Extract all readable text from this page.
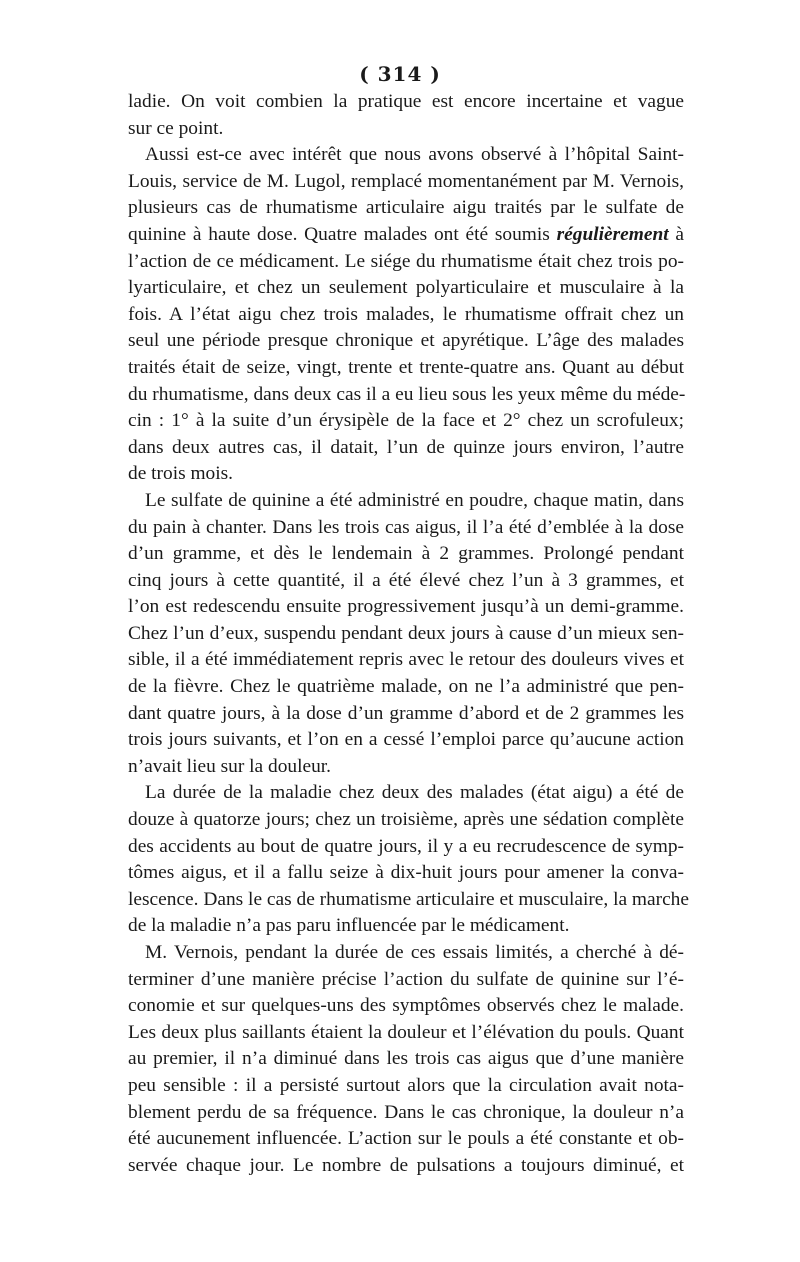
( 314 )
ladie. On voit combien la pratique est encore incertaine et vague
sur ce point.
Aussi est-ce avec intérêt que nous avons observé à l’hôpital Saint-
Louis, service de M. Lugol, remplacé momentanément par M. Vernois,
plusieurs cas de rhumatisme articulaire aigu traités par le sulfate de
quinine à haute dose. Quatre malades ont été soumis régulièrement à
l’action de ce médicament. Le siége du rhumatisme était chez trois po-
lyarticulaire, et chez un seulement polyarticulaire et musculaire à la
fois. A l’état aigu chez trois malades, le rhumatisme offrait chez un
seul une période presque chronique et apyrétique. L’âge des malades
traités était de seize, vingt, trente et trente-quatre ans. Quant au début
du rhumatisme, dans deux cas il a eu lieu sous les yeux même du méde-
cin : 1° à la suite d’un érysipèle de la face et 2° chez un scrofuleux;
dans deux autres cas, il datait, l’un de quinze jours environ, l’autre
de trois mois.
Le sulfate de quinine a été administré en poudre, chaque matin, dans
du pain à chanter. Dans les trois cas aigus, il l’a été d’emblée à la dose
d’un gramme, et dès le lendemain à 2 grammes. Prolongé pendant
cinq jours à cette quantité, il a été élevé chez l’un à 3 grammes, et
l’on est redescendu ensuite progressivement jusqu’à un demi-gramme.
Chez l’un d’eux, suspendu pendant deux jours à cause d’un mieux sen-
sible, il a été immédiatement repris avec le retour des douleurs vives et
de la fièvre. Chez le quatrième malade, on ne l’a administré que pen-
dant quatre jours, à la dose d’un gramme d’abord et de 2 grammes les
trois jours suivants, et l’on en a cessé l’emploi parce qu’aucune action
n’avait lieu sur la douleur.
La durée de la maladie chez deux des malades (état aigu) a été de
douze à quatorze jours; chez un troisième, après une sédation complète
des accidents au bout de quatre jours, il y a eu recrudescence de symp-
tômes aigus, et il a fallu seize à dix-huit jours pour amener la conva-
lescence. Dans le cas de rhumatisme articulaire et musculaire, la marche
de la maladie n’a pas paru influencée par le médicament.
M. Vernois, pendant la durée de ces essais limités, a cherché à dé-
terminer d’une manière précise l’action du sulfate de quinine sur l’é-
conomie et sur quelques-uns des symptômes observés chez le malade.
Les deux plus saillants étaient la douleur et l’élévation du pouls. Quant
au premier, il n’a diminué dans les trois cas aigus que d’une manière
peu sensible : il a persisté surtout alors que la circulation avait nota-
blement perdu de sa fréquence. Dans le cas chronique, la douleur n’a
été aucunement influencée. L’action sur le pouls a été constante et ob-
servée chaque jour. Le nombre de pulsations a toujours diminué, et
